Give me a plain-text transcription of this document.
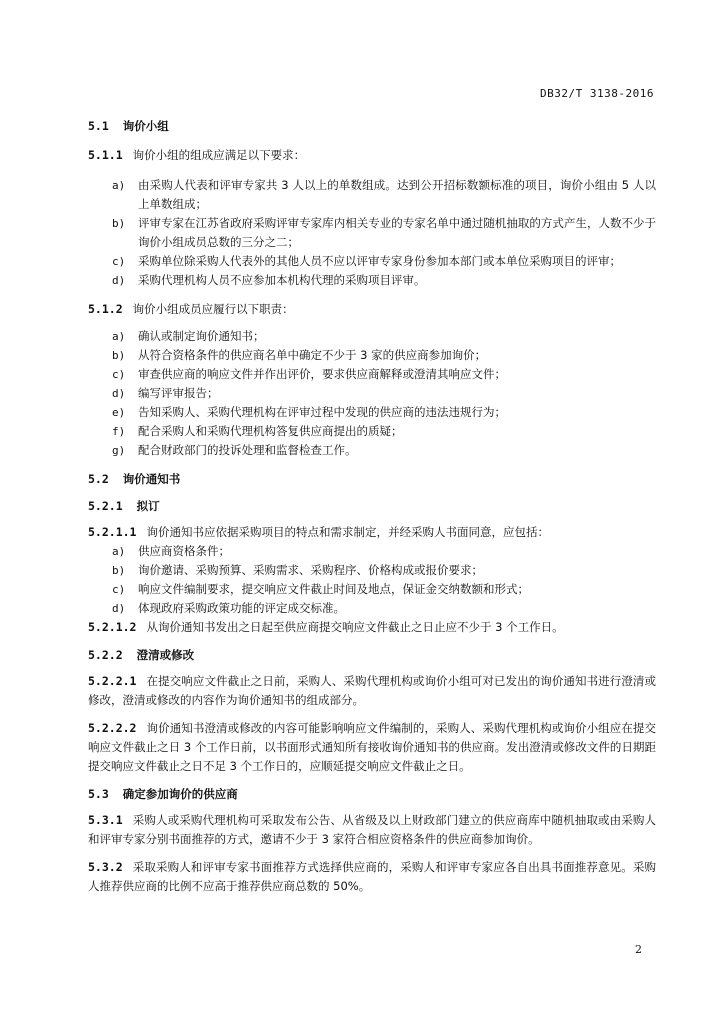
DB32/T 3138-2016
5.1 询价小组

5.1.1 询价小组的组成应满足以下要求：

a) 由采购人代表和评审专家共 3 人以上的单数组成。达到公开招标数额标准的项目，询价小组由 5 人以上单数组成；
b) 评审专家在江苏省政府采购评审专家库内相关专业的专家名单中通过随机抽取的方式产生，人数不少于询价小组成员总数的三分之二；
c) 采购单位除采购人代表外的其他人员不应以评审专家身份参加本部门或本单位采购项目的评审；
d) 采购代理机构人员不应参加本机构代理的采购项目评审。

5.1.2 询价小组成员应履行以下职责：

a) 确认或制定询价通知书；
b) 从符合资格条件的供应商名单中确定不少于 3 家的供应商参加询价；
c) 审查供应商的响应文件并作出评价，要求供应商解释或澄清其响应文件；
d) 编写评审报告；
e) 告知采购人、采购代理机构在评审过程中发现的供应商的违法违规行为；
f) 配合采购人和采购代理机构答复供应商提出的质疑；
g) 配合财政部门的投诉处理和监督检查工作。
5.2 询价通知书
5.2.1 拟订

5.2.1.1 询价通知书应依据采购项目的特点和需求制定，并经采购人书面同意，应包括：

a) 供应商资格条件；
b) 询价邀请、采购预算、采购需求、采购程序、价格构成或报价要求；
c) 响应文件编制要求，提交响应文件截止时间及地点，保证金交纳数额和形式；
d) 体现政府采购政策功能的评定成交标准。

5.2.1.2 从询价通知书发出之日起至供应商提交响应文件截止之日止应不少于 3 个工作日。

5.2.2 澄清或修改

5.2.2.1 在提交响应文件截止之日前，采购人、采购代理机构或询价小组可对已发出的询价通知书进行澄清或修改，澄清或修改的内容作为询价通知书的组成部分。

5.2.2.2 询价通知书澄清或修改的内容可能影响响应文件编制的，采购人、采购代理机构或询价小组应在提交响应文件截止之日 3 个工作日前，以书面形式通知所有接收询价通知书的供应商。发出澄清或修改文件的日期距提交响应文件截止之日不足 3 个工作日的，应顺延提交响应文件截止之日。

5.3 确定参加询价的供应商

5.3.1 采购人或采购代理机构可采取发布公告、从省级及以上财政部门建立的供应商库中随机抽取或由采购人和评审专家分别书面推荐的方式，邀请不少于 3 家符合相应资格条件的供应商参加询价。

5.3.2 采取采购人和评审专家书面推荐方式选择供应商的，采购人和评审专家应各自出具书面推荐意见。采购人推荐供应商的比例不应高于推荐供应商总数的 50%。

2
